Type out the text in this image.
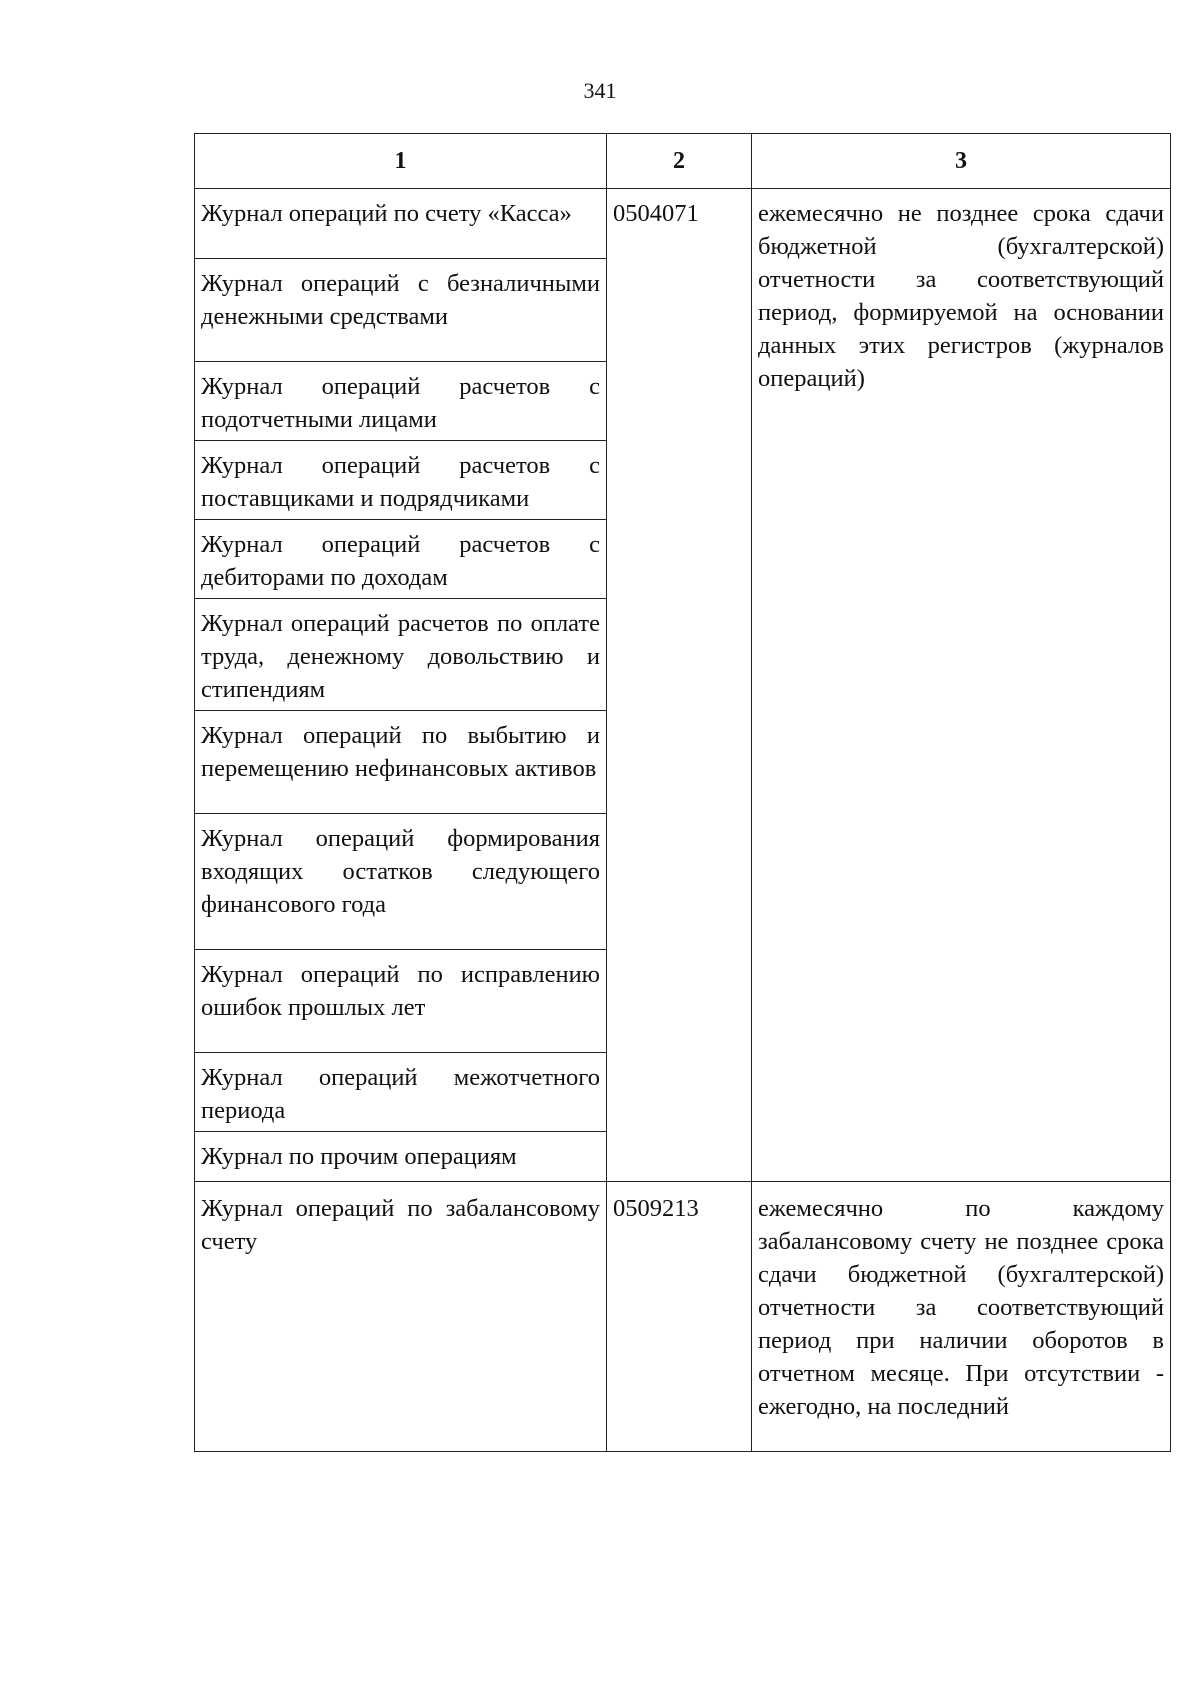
341
1	2	3
Журнал операций по счету «Касса»	0504071	ежемесячно не позднее срока сдачи бюджетной (бухгалтерской) отчетности за соответствующий период, формируемой на основании данных этих регистров (журналов операций)
Журнал операций с безналичными денежными средствами		
Журнал операций расчетов с подотчетными лицами		
Журнал операций расчетов с поставщиками и подрядчиками		
Журнал операций расчетов с дебиторами по доходам		
Журнал операций расчетов по оплате труда, денежному довольствию и стипендиям		
Журнал операций по выбытию и перемещению нефинансовых активов		
Журнал операций формирования входящих остатков следующего финансового года		
Журнал операций по исправлению ошибок прошлых лет		
Журнал операций межотчетного периода		
Журнал по прочим операциям		
Журнал операций по забалансовому счету	0509213	ежемесячно по каждому забалансовому счету не позднее срока сдачи бюджетной (бухгалтерской) отчетности за соответствующий период при наличии оборотов в отчетном месяце. При отсутствии - ежегодно, на последний
